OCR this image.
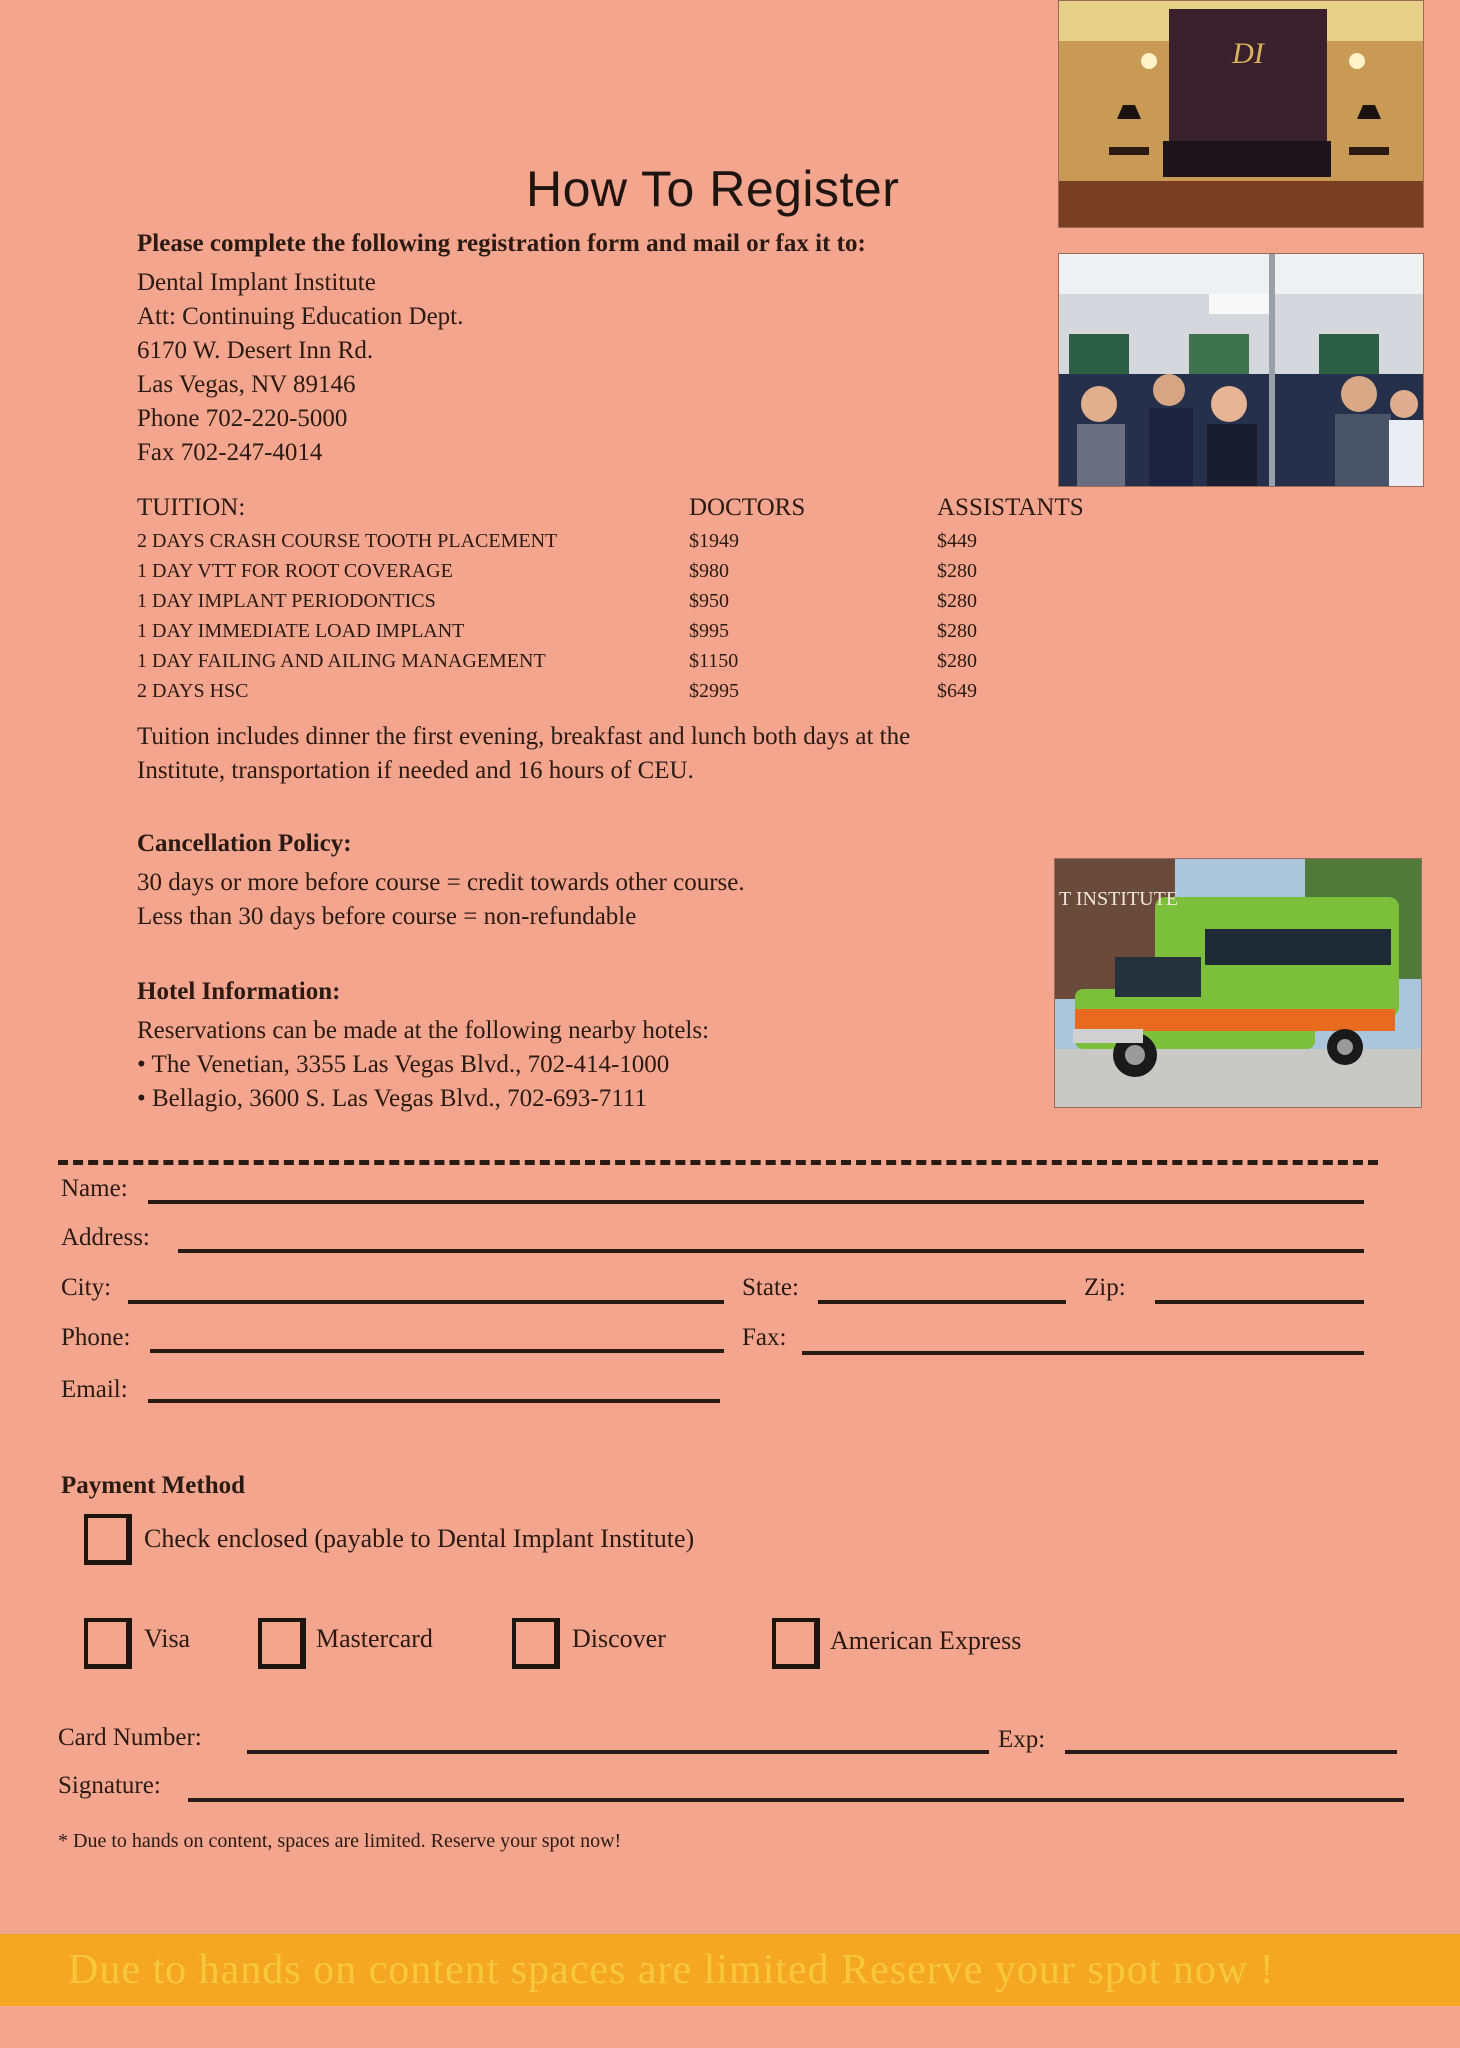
How To Register
Please complete the following registration form and mail or fax it to:
Dental Implant Institute
Att: Continuing Education Dept.
6170 W. Desert Inn Rd.
Las Vegas, NV 89146
Phone 702-220-5000
Fax 702-247-4014
TUITION:	DOCTORS	ASSISTANTS
2 DAYS CRASH COURSE TOOTH PLACEMENT	$1949	$449
1 DAY VTT FOR ROOT COVERAGE	$980	$280
1 DAY IMPLANT PERIODONTICS	$950	$280
1 DAY IMMEDIATE LOAD IMPLANT	$995	$280
1 DAY FAILING AND AILING MANAGEMENT	$1150	$280
2 DAYS HSC	$2995	$649
Tuition includes dinner the first evening, breakfast and lunch both days at the
Institute, transportation if needed and 16 hours of CEU.
Cancellation Policy:
30 days or more before course = credit towards other course.
Less than 30 days before course = non-refundable
Hotel Information:
Reservations can be made at the following nearby hotels:
• The Venetian, 3355 Las Vegas Blvd., 702-414-1000
• Bellagio, 3600 S. Las Vegas Blvd., 702-693-7111
DI
T INSTITUTE
Name:
Address:
City:	State:	Zip:
Phone:	Fax:
Email:
Payment Method
Check enclosed (payable to Dental Implant Institute)
Visa	Mastercard	Discover	American Express
Card Number:	Exp:
Signature:
* Due to hands on content, spaces are limited. Reserve your spot now!
Due to hands on content spaces are limited Reserve your spot now !
